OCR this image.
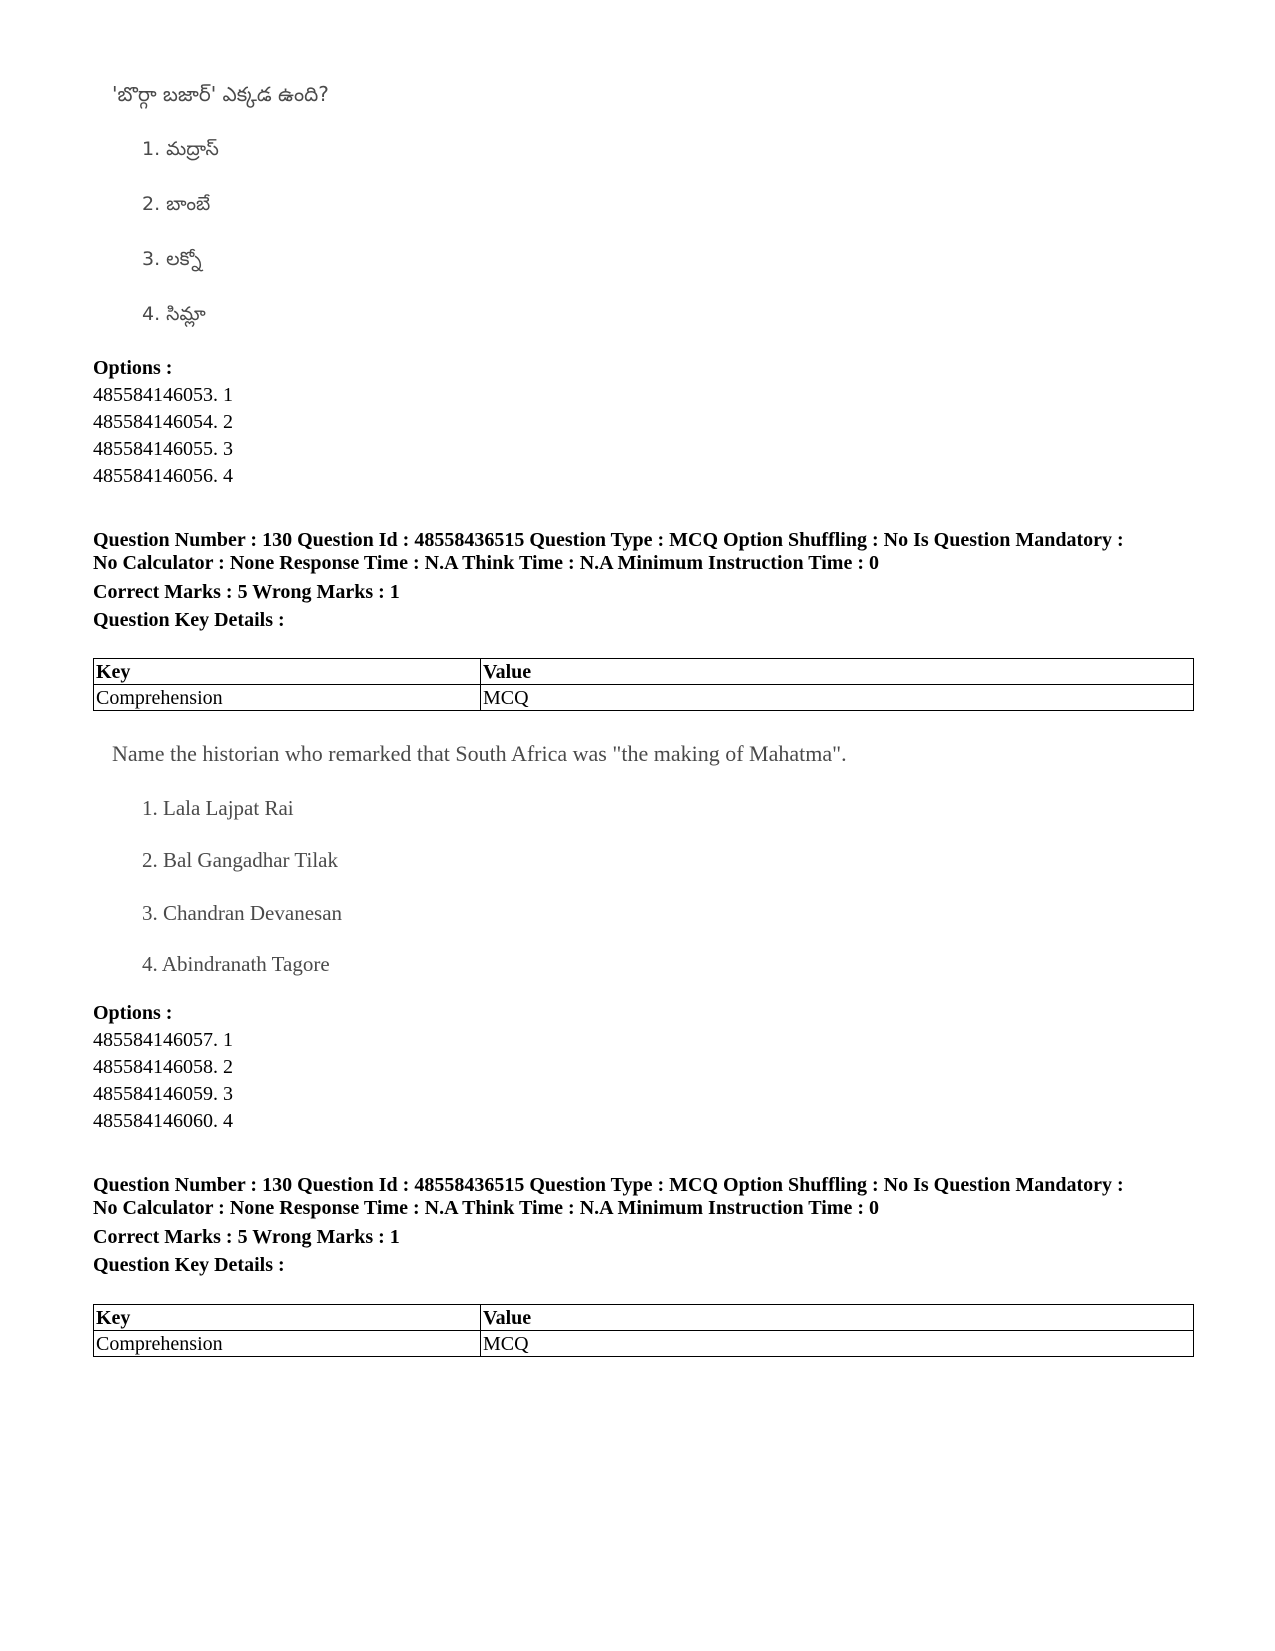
'బొర్గా బజార్' ఎక్కడ ఉంది?
1. మద్రాస్
2. బాంబే
3. లక్నో
4. సిమ్లా
Options :
485584146053. 1
485584146054. 2
485584146055. 3
485584146056. 4
Question Number : 130 Question Id : 48558436515 Question Type : MCQ Option Shuffling : No Is Question Mandatory :
No Calculator : None Response Time : N.A Think Time : N.A Minimum Instruction Time : 0
Correct Marks : 5 Wrong Marks : 1
Question Key Details :
Key	Value
Comprehension	MCQ
Name the historian who remarked that South Africa was "the making of Mahatma".
1. Lala Lajpat Rai
2. Bal Gangadhar Tilak
3. Chandran Devanesan
4. Abindranath Tagore
Options :
485584146057. 1
485584146058. 2
485584146059. 3
485584146060. 4
Question Number : 130 Question Id : 48558436515 Question Type : MCQ Option Shuffling : No Is Question Mandatory :
No Calculator : None Response Time : N.A Think Time : N.A Minimum Instruction Time : 0
Correct Marks : 5 Wrong Marks : 1
Question Key Details :
Key	Value
Comprehension	MCQ
